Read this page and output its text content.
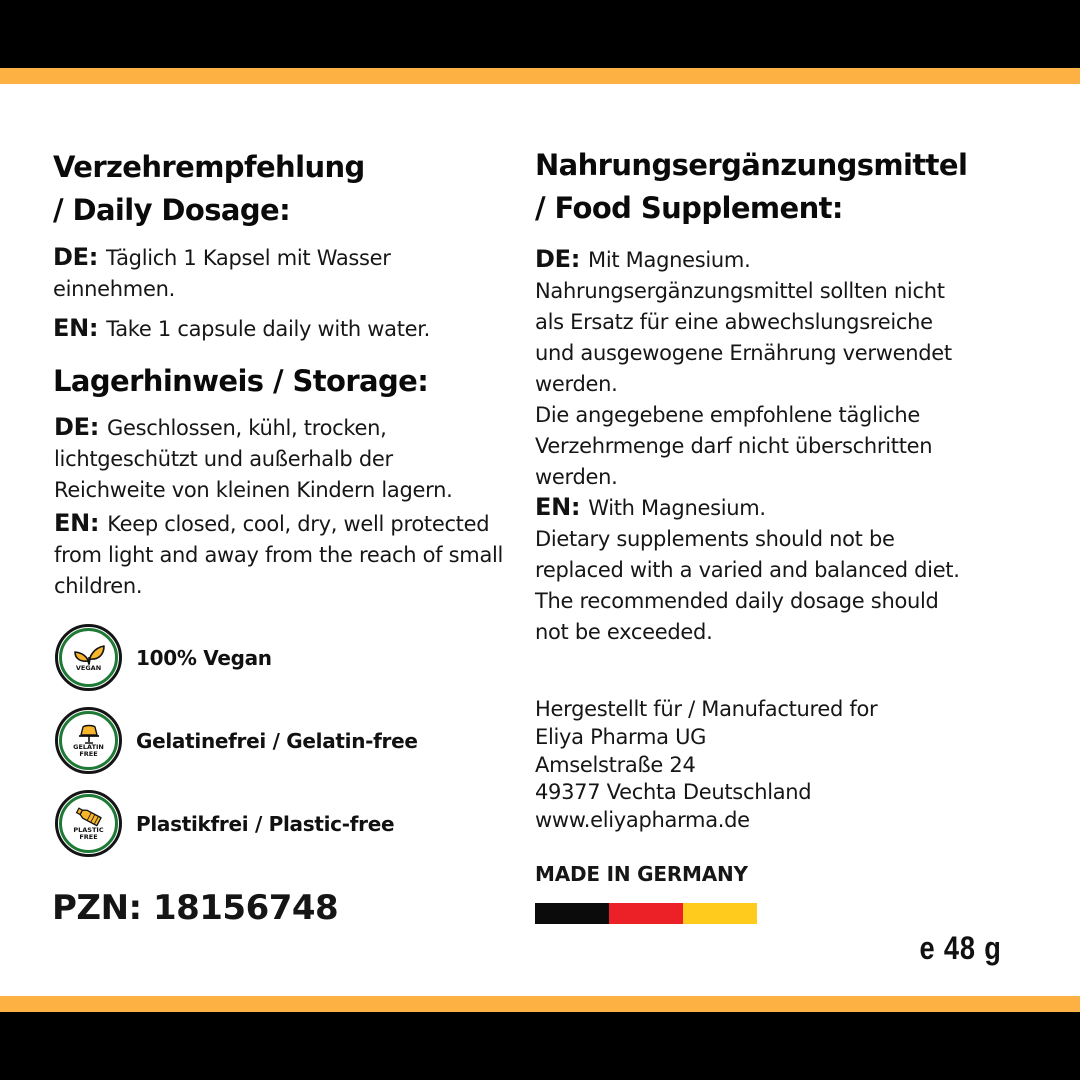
Verzehrempfehlung
/ Daily Dosage:
DE: Täglich 1 Kapsel mit Wasser
einnehmen.
EN: Take 1 capsule daily with water.
Lagerhinweis / Storage:
DE: Geschlossen, kühl, trocken,
lichtgeschützt und außerhalb der
Reichweite von kleinen Kindern lagern.
EN: Keep closed, cool, dry, well protected
from light and away from the reach of small
children.
VEGAN 100% Vegan
GELATIN
FREE
Gelatinefrei / Gelatin-free
PLASTIC
FREE
Plastikfrei / Plastic-free
PZN: 18156748
Nahrungsergänzungsmittel
/ Food Supplement:
DE: Mit Magnesium.
Nahrungsergänzungsmittel sollten nicht
als Ersatz für eine abwechslungsreiche
und ausgewogene Ernährung verwendet
werden.
Die angegebene empfohlene tägliche
Verzehrmenge darf nicht überschritten
werden.
EN: With Magnesium.
Dietary supplements should not be
replaced with a varied and balanced diet.
The recommended daily dosage should
not be exceeded.
Hergestellt für / Manufactured for
Eliya Pharma UG
Amselstraße 24
49377 Vechta Deutschland
www.eliyapharma.de
MADE IN GERMANY
e 48 g
